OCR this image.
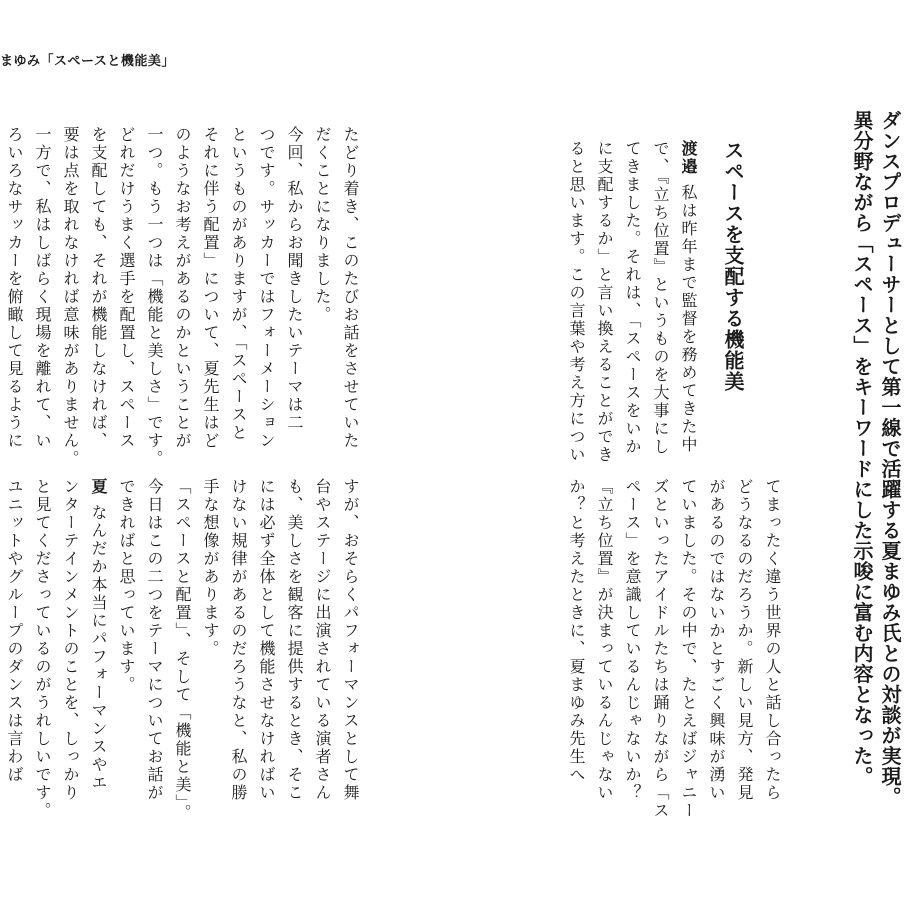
まゆみ「スペースと機能美」
ダンスプロデューサーとして第一線で活躍する夏まゆみ氏との対談が実現。
異分野ながら「スペース」をキーワードにした示唆に富む内容となった。
スペースを支配する機能美
渡邉私は昨年まで監督を務めてきた中
で、『立ち位置』というものを大事にし
てきました。それは、「スペースをいか
に支配するか」と言い換えることができ
ると思います。この言葉や考え方につい
たどり着き、このたびお話をさせていた
だくことになりました。
今回、私からお聞きしたいテーマは二
つです。サッカーではフォーメーション
というものがありますが、「スペースと
それに伴う配置」について、夏先生はど
のようなお考えがあるのかということが
一つ。もう一つは「機能と美しさ」です。
どれだけうまく選手を配置し、スペース
を支配しても、それが機能しなければ、
要は点を取れなければ意味がありません。
一方で、私はしばらく現場を離れて、い
ろいろなサッカーを俯瞰して見るように
てまったく違う世界の人と話し合ったら
どうなるのだろうか。新しい見方、発見
があるのではないかとすごく興味が湧い
ていました。その中で、たとえばジャニー
ズといったアイドルたちは踊りながら「ス
ペース」を意識しているんじゃないか？
『立ち位置』が決まっているんじゃない
か？と考えたときに、夏まゆみ先生へ
すが、おそらくパフォーマンスとして舞
台やステージに出演されている演者さん
も、美しさを観客に提供するとき、そこ
には必ず全体として機能させなければい
けない規律があるのだろうなと、私の勝
手な想像があります。
「スペースと配置」、そして「機能と美」。
今日はこの二つをテーマについてお話が
できればと思っています。
夏なんだか本当にパフォーマンスやエ
ンターテインメントのことを、しっかり
と見てくださっているのがうれしいです。
ユニットやグループのダンスは言わば
